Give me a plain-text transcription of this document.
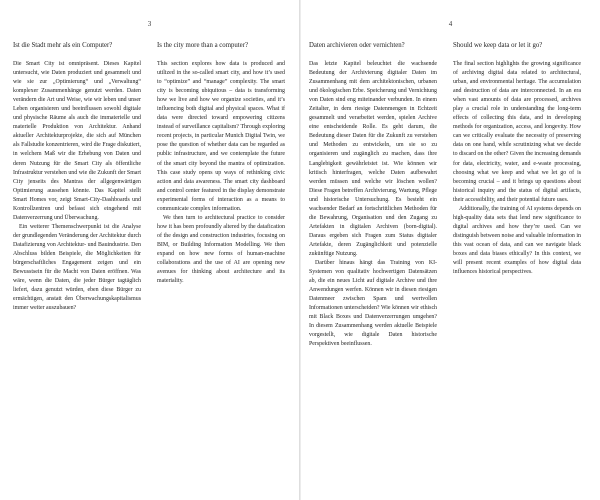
3
Ist die Stadt mehr als ein Computer?

Die Smart City ist omnipräsent. Dieses Kapitel untersucht, wie Daten produziert und gesammelt und wie sie zur „Optimierung“ und „Verwaltung“ komplexer Zusammenhänge genutzt werden. Daten verändern die Art und Weise, wie wir leben und unser Leben organisieren und beeinflussen sowohl digitale und physische Räume als auch die immaterielle und materielle Produktion von Architektur. Anhand aktueller Architekturprojekte, die sich auf München als Fallstudie konzentrieren, wird die Frage diskutiert, in welchem Maß wir die Erhebung von Daten und deren Nutzung für die Smart City als öffentliche Infrastruktur verstehen und wie die Zukunft der Smart City jenseits des Mantras der allgegenwärtigen Optimierung aussehen könnte. Das Kapitel stellt Smart Homes vor, zeigt Smart-City-Dashboards und Kontrollzentren und befasst sich eingehend mit Datenverzerrung und Überwachung.

Ein weiterer Themenschwerpunkt ist die Analyse der grundlegenden Veränderung der Architektur durch Datafizierung von Architektur- und Bauindustrie. Den Abschluss bilden Beispiele, die Möglichkeiten für bürgerschaftliches Engagement zeigen und ein Bewusstsein für die Macht von Daten eröffnen. Was wäre, wenn die Daten, die jeder Bürger tagtäglich liefert, dazu genutzt würden, eben diese Bürger zu ermächtigen, anstatt den Überwachungskapitalismus immer weiter auszubauen?

Is the city more than a computer?

This section explores how data is produced and utilized in the so-called smart city, and how it’s used to “optimize” and “manage” complexity. The smart city is becoming ubiquitous – data is transforming how we live and how we organize societies, and it’s influencing both digital and physical spaces. What if data were directed toward empowering citizens instead of surveillance capitalism? Through exploring recent projects, in particular Munich Digital Twin, we pose the question of whether data can be regarded as public infrastructure, and we contemplate the future of the smart city beyond the mantra of optimization. This case study opens up ways of rethinking civic action and data awareness. The smart city dashboard and control center featured in the display demonstrate experimental forms of interaction as a means to communicate complex information.

We then turn to architectural practice to consider how it has been profoundly altered by the datafication of the design and construction industries, focusing on BIM, or Building Information Modelling. We then expand on how new forms of human-machine collaborations and the use of AI are opening new avenues for thinking about architecture and its materiality.

4
Daten archivieren oder vernichten?

Das letzte Kapitel beleuchtet die wachsende Bedeutung der Archivierung digitaler Daten im Zusammenhang mit dem architektonischen, urbanen und ökologischen Erbe. Speicherung und Vernichtung von Daten sind eng miteinander verbunden. In einem Zeitalter, in dem riesige Datenmengen in Echtzeit gesammelt und verarbeitet werden, spielen Archive eine entscheidende Rolle. Es geht darum, die Bedeutung dieser Daten für die Zukunft zu verstehen und Methoden zu entwickeln, um sie so zu organisieren und zugänglich zu machen, dass ihre Langlebigkeit gewährleistet ist. Wie können wir kritisch hinterfragen, welche Daten aufbewahrt werden müssen und welche wir löschen wollen? Diese Fragen betreffen Archivierung, Wartung, Pflege und historische Untersuchung. Es besteht ein wachsender Bedarf an fortschrittlichen Methoden für die Bewahrung, Organisation und den Zugang zu Artefakten in digitalen Archiven (born-digital). Daraus ergeben sich Fragen zum Status digitaler Artefakte, deren Zugänglichkeit und potenzielle zukünftige Nutzung.

Darüber hinaus hängt das Training von KI-Systemen von qualitativ hochwertigen Datensätzen ab, die ein neues Licht auf digitale Archive und ihre Anwendungen werfen. Können wir in diesen riesigen Datenmeer zwischen Spam und wertvollen Informationen unterscheiden? Wie können wir ethisch mit Black Boxes und Datenverzerrungen umgehen? In diesem Zusammenhang werden aktuelle Beispiele vorgestellt, wie digitale Daten historische Perspektiven beeinflussen.

Should we keep data or let it go?

The final section highlights the growing significance of archiving digital data related to architectural, urban, and environmental heritage. The accumulation and destruction of data are interconnected. In an era when vast amounts of data are processed, archives play a crucial role in understanding the long-term effects of collecting this data, and in developing methods for organization, access, and longevity. How can we critically evaluate the necessity of preserving data on one hand, while scrutinizing what we decide to discard on the other? Given the increasing demands for data, electricity, water, and e-waste processing, choosing what we keep and what we let go of is becoming crucial – and it brings up questions about historical inquiry and the status of digital artifacts, their accessibility, and their potential future uses.

Additionally, the training of AI systems depends on high-quality data sets that lend new significance to digital archives and how they’re used. Can we distinguish between noise and valuable information in this vast ocean of data, and can we navigate black boxes and data biases ethically? In this context, we will present recent examples of how digital data influences historical perspectives.
